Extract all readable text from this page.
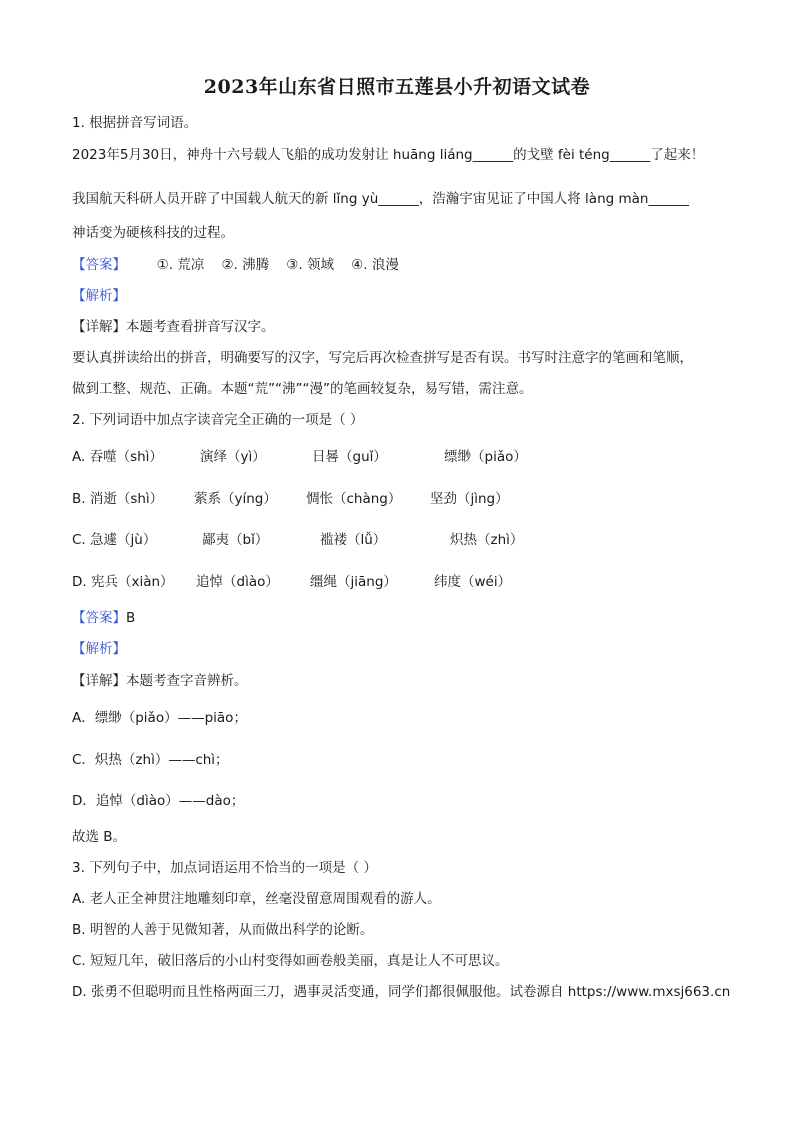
2023年山东省日照市五莲县小升初语文试卷
1. 根据拼音写词语。
2023年5月30日，神舟十六号载人飞船的成功发射让 huāng liáng______的戈壁 fèi téng______了起来！
我国航天科研人员开辟了中国载人航天的新 lǐng yù______，浩瀚宇宙见证了中国人将 làng màn______
神话变为硬核科技的过程。
【答案】 ①. 荒凉    ②. 沸腾    ③. 领域    ④. 浪漫
【解析】
【详解】本题考查看拼音写汉字。
要认真拼读给出的拼音，明确要写的汉字，写完后再次检查拼写是否有误。书写时注意字的笔画和笔顺，
做到工整、规范、正确。本题“荒”“沸”“漫”的笔画较复杂，易写错，需注意。
2. 下列词语中加点字读音完全正确的一项是（ ）
A. 吞噬（shì）	演绎（yì）	日晷（guǐ）	缥缈（piǎo）
B. 消逝（shì） 萦系（yíng） 惆怅（chàng） 坚劲（jìng）
C. 急遽（jù）	鄙夷（bǐ）	褴褛（lǚ）	炽热（zhì）
D. 宪兵（xiàn） 追悼（dìào） 缰绳（jiāng）	纬度（wéi）
【答案】B
【解析】
【详解】本题考查字音辨析。
A．缥缈（piǎo）——piāo；
C．炽热（zhì）——chì；
D．追悼（dìào）——dào；
故选 B。
3. 下列句子中，加点词语运用不恰当的一项是（ ）
A. 老人正全神贯注地雕刻印章，丝毫没留意周围观看的游人。
B. 明智的人善于见微知著，从而做出科学的论断。
C. 短短几年，破旧落后的小山村变得如画卷般美丽，真是让人不可思议。
D. 张勇不但聪明而且性格两面三刀，遇事灵活变通，同学们都很佩服他。试卷源自 https://www.mxsj663.cn
